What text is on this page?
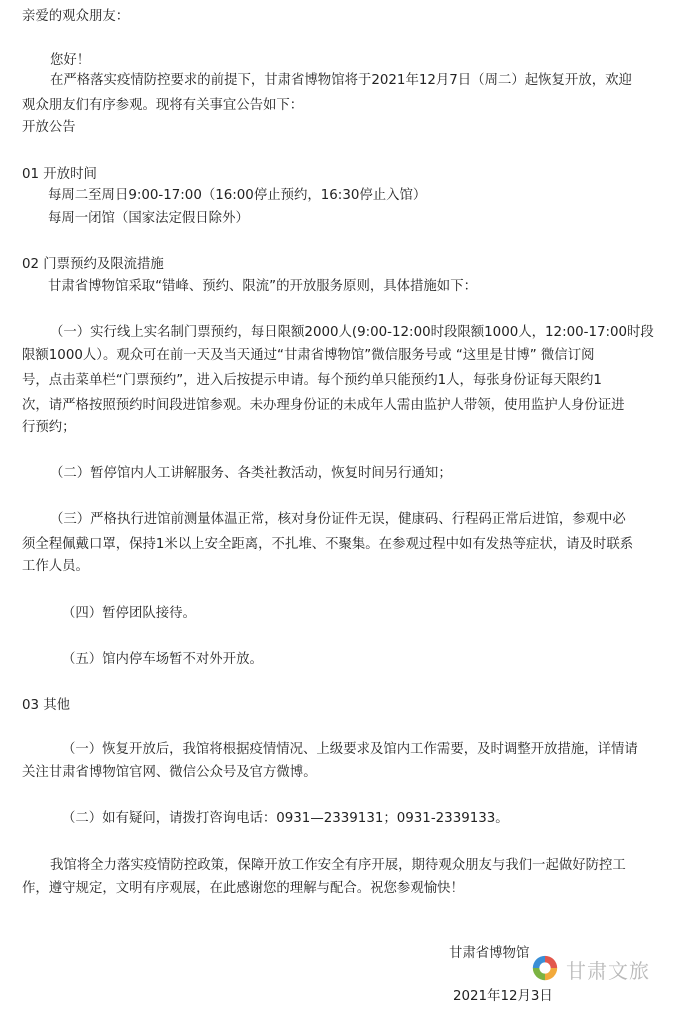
亲爱的观众朋友：
您好！
在严格落实疫情防控要求的前提下，甘肃省博物馆将于2021年12月7日（周二）起恢复开放，欢迎
观众朋友们有序参观。现将有关事宜公告如下：
开放公告
01 开放时间
每周二至周日9:00-17:00（16:00停止预约，16:30停止入馆）
每周一闭馆（国家法定假日除外）
02 门票预约及限流措施
甘肃省博物馆采取“错峰、预约、限流”的开放服务原则，具体措施如下：
（一）实行线上实名制门票预约，每日限额2000人(9:00-12:00时段限额1000人，12:00-17:00时段
限额1000人）。观众可在前一天及当天通过“甘肃省博物馆”微信服务号或 “这里是甘博” 微信订阅
号，点击菜单栏“门票预约”，进入后按提示申请。每个预约单只能预约1人，每张身份证每天限约1
次，请严格按照预约时间段进馆参观。未办理身份证的未成年人需由监护人带领，使用监护人身份证进
行预约；
（二）暂停馆内人工讲解服务、各类社教活动，恢复时间另行通知；
（三）严格执行进馆前测量体温正常，核对身份证件无误，健康码、行程码正常后进馆，参观中必
须全程佩戴口罩，保持1米以上安全距离，不扎堆、不聚集。在参观过程中如有发热等症状，请及时联系
工作人员。
（四）暂停团队接待。
（五）馆内停车场暂不对外开放。
03 其他
（一）恢复开放后，我馆将根据疫情情况、上级要求及馆内工作需要，及时调整开放措施，详情请
关注甘肃省博物馆官网、微信公众号及官方微博。
（二）如有疑问，请拨打咨询电话：0931—2339131；0931-2339133。
我馆将全力落实疫情防控政策，保障开放工作安全有序开展，期待观众朋友与我们一起做好防控工
作，遵守规定，文明有序观展，在此感谢您的理解与配合。祝您参观愉快！
甘肃省博物馆
2021年12月3日
甘肃文旅
